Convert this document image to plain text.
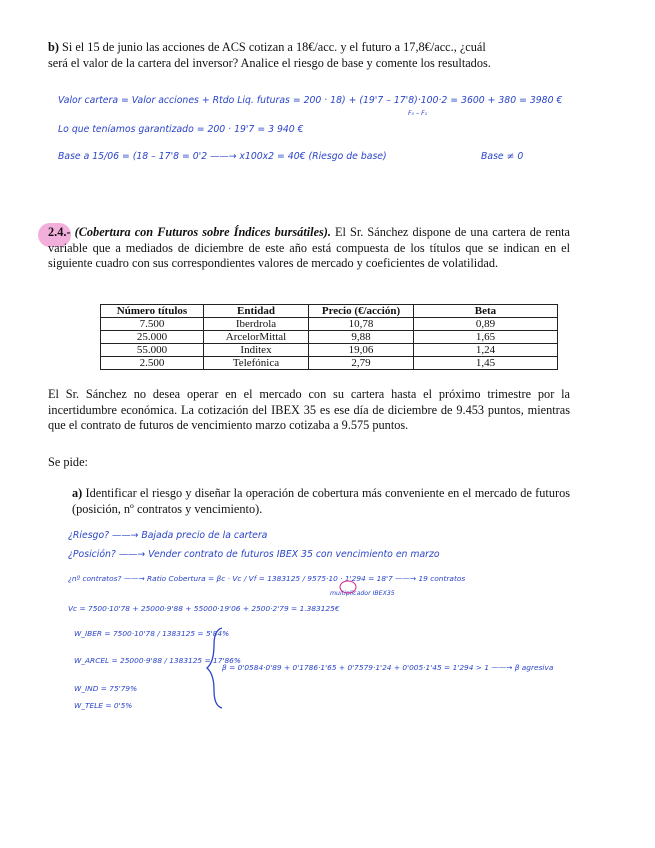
b) Si el 15 de junio las acciones de ACS cotizan a 18€/acc. y el futuro a 17,8€/acc., ¿cuál

será el valor de la cartera del inversor? Analice el riesgo de base y comente los resultados.

Valor cartera = Valor acciones + Rtdo Liq. futuras = 200 · 18) + (19'7 – 17'8)·100·2 = 3600 + 380 = 3980 €
F₀ – F₁
Lo que teníamos garantizado = 200 · 19'7 = 3 940 €
Base a 15/06 = (18 – 17'8 = 0'2 ——→ x100x2 = 40€ (Riesgo de base)	Base ≠ 0

2.4.- (Cobertura con Futuros sobre Índices bursátiles). El Sr. Sánchez dispone de una cartera de renta variable que a mediados de diciembre de este año está compuesta de los títulos que se indican en el siguiente cuadro con sus correspondientes valores de mercado y coeficientes de volatilidad.

Número títulos	Entidad	Precio (€/acción)	Beta
7.500	Iberdrola	10,78	0,89
25.000	ArcelorMittal	9,88	1,65
55.000	Inditex	19,06	1,24
2.500	Telefónica	2,79	1,45

El Sr. Sánchez no desea operar en el mercado con su cartera hasta el próximo trimestre por la incertidumbre económica. La cotización del IBEX 35 es ese día de diciembre de 9.453 puntos, mientras que el contrato de futuros de vencimiento marzo cotizaba a 9.575 puntos.

Se pide:

a) Identificar el riesgo y diseñar la operación de cobertura más conveniente en el mercado de futuros (posición, nº contratos y vencimiento).

¿Riesgo? ——→ Bajada precio de la cartera
¿Posición? ——→ Vender contrato de futuros IBEX 35 con vencimiento en marzo
¿nº contratos? ——→ Ratio Cobertura = βc · Vc / Vf = 1383125 / 9575·10 · 1'294 = 18'7 ——→ 19 contratos
multiplicador IBEX35
Vc = 7500·10'78 + 25000·9'88 + 55000·19'06 + 2500·2'79 = 1.383125€
W_IBER = 7500·10'78 / 1383125 = 5'84%
W_ARCEL = 25000·9'88 / 1383125 = 17'86%
W_IND = 75'79%
W_TELE = 0'5%
β = 0'0584·0'89 + 0'1786·1'65 + 0'7579·1'24 + 0'005·1'45 = 1'294 > 1 ——→ β agresiva
